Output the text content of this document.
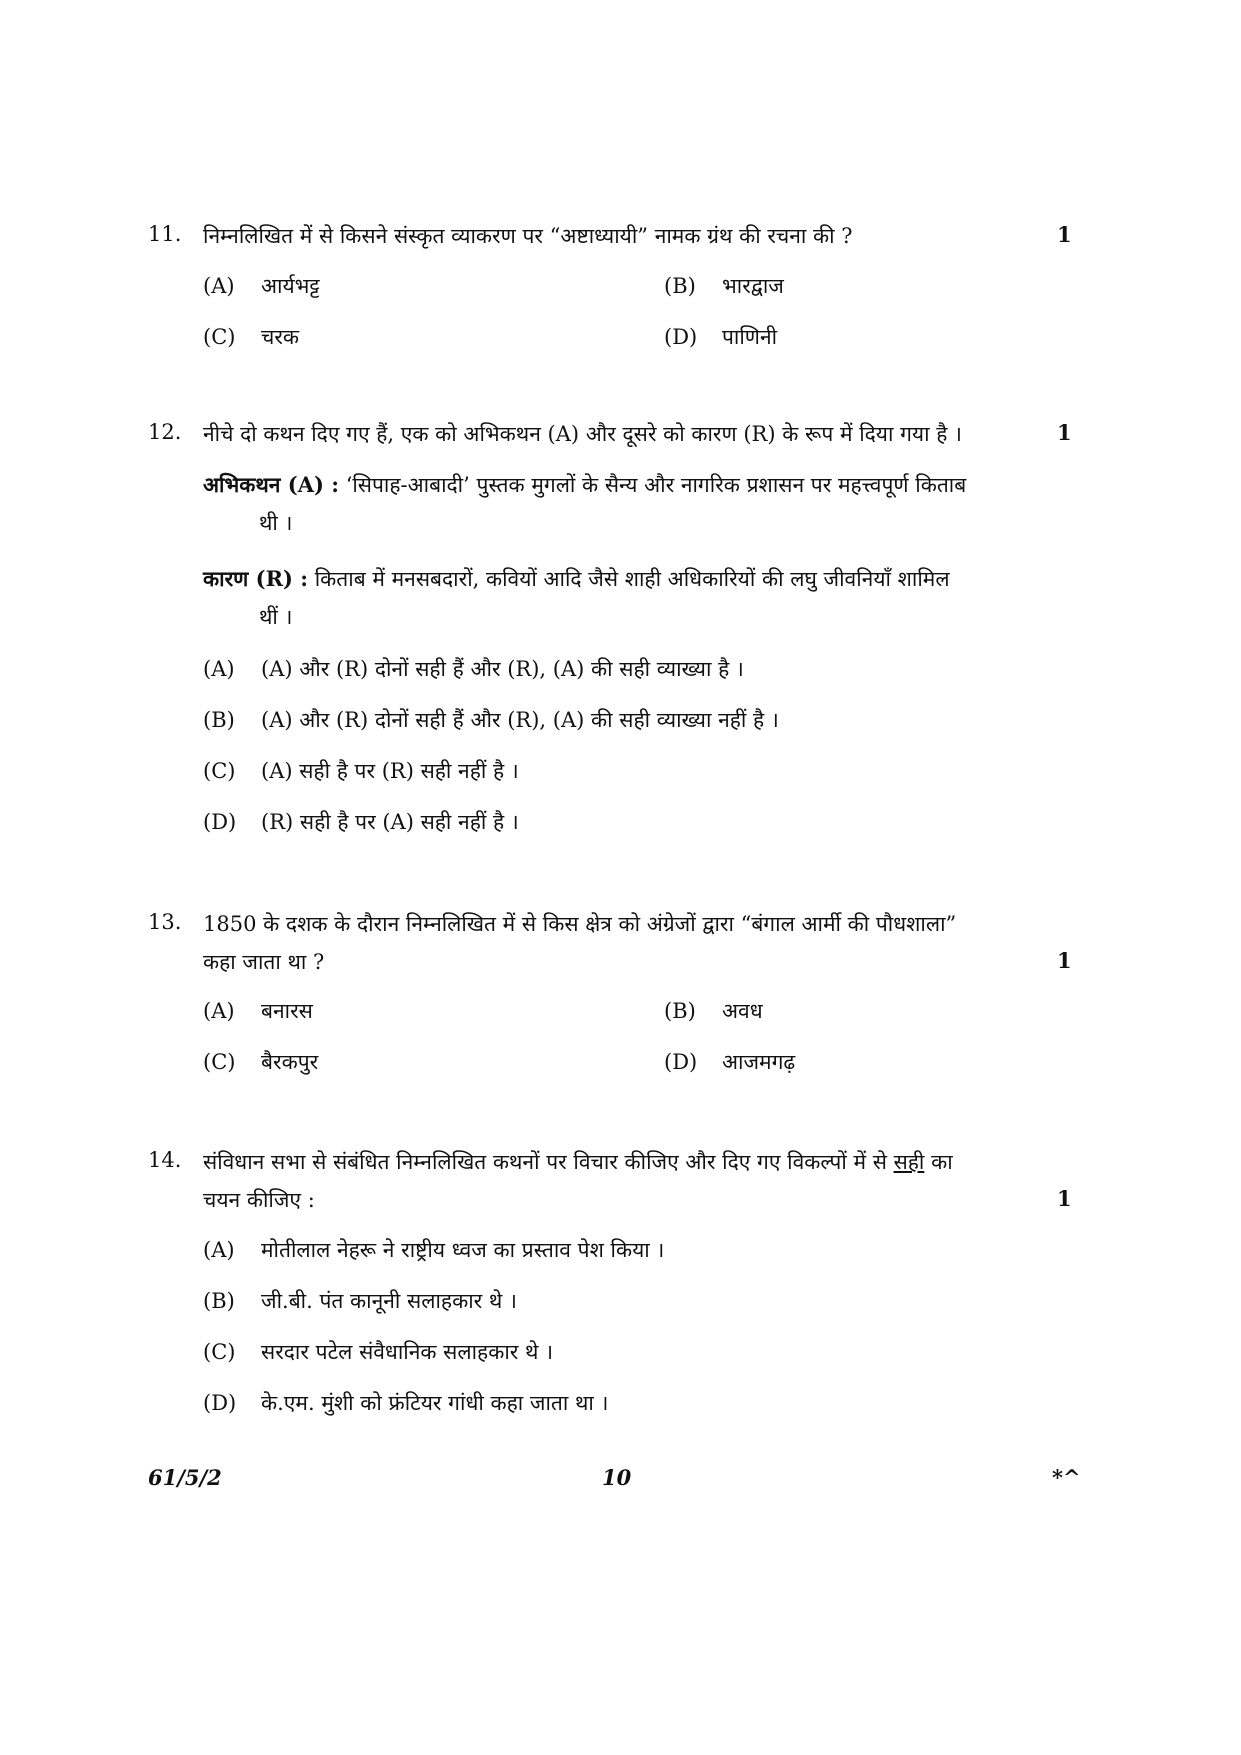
11. निम्नलिखित में से किसने संस्कृत व्याकरण पर “अष्टाध्यायी” नामक ग्रंथ की रचना की ?	1
(A) आर्यभट्ट	(B) भारद्वाज
(C) चरक	(D) पाणिनी
12. नीचे दो कथन दिए गए हैं, एक को अभिकथन (A) और दूसरे को कारण (R) के रूप में दिया गया है ।	1
अभिकथन (A) : ‘सिपाह-आबादी’ पुस्तक मुगलों के सैन्य और नागरिक प्रशासन पर महत्त्वपूर्ण किताब
थी ।
कारण (R) : किताब में मनसबदारों, कवियों आदि जैसे शाही अधिकारियों की लघु जीवनियाँ शामिल
थीं ।
(A) (A) और (R) दोनों सही हैं और (R), (A) की सही व्याख्या है ।
(B) (A) और (R) दोनों सही हैं और (R), (A) की सही व्याख्या नहीं है ।
(C) (A) सही है पर (R) सही नहीं है ।
(D) (R) सही है पर (A) सही नहीं है ।
13. 1850 के दशक के दौरान निम्नलिखित में से किस क्षेत्र को अंग्रेजों द्वारा “बंगाल आर्मी की पौधशाला”
कहा जाता था ?	1
(A) बनारस	(B) अवध
(C) बैरकपुर	(D) आजमगढ़
14. संविधान सभा से संबंधित निम्नलिखित कथनों पर विचार कीजिए और दिए गए विकल्पों में से सही का
चयन कीजिए :	1
(A) मोतीलाल नेहरू ने राष्ट्रीय ध्वज का प्रस्ताव पेश किया ।
(B) जी.बी. पंत कानूनी सलाहकार थे ।
(C) सरदार पटेल संवैधानिक सलाहकार थे ।
(D) के.एम. मुंशी को फ्रंटियर गांधी कहा जाता था ।
61/5/2	10	*^
